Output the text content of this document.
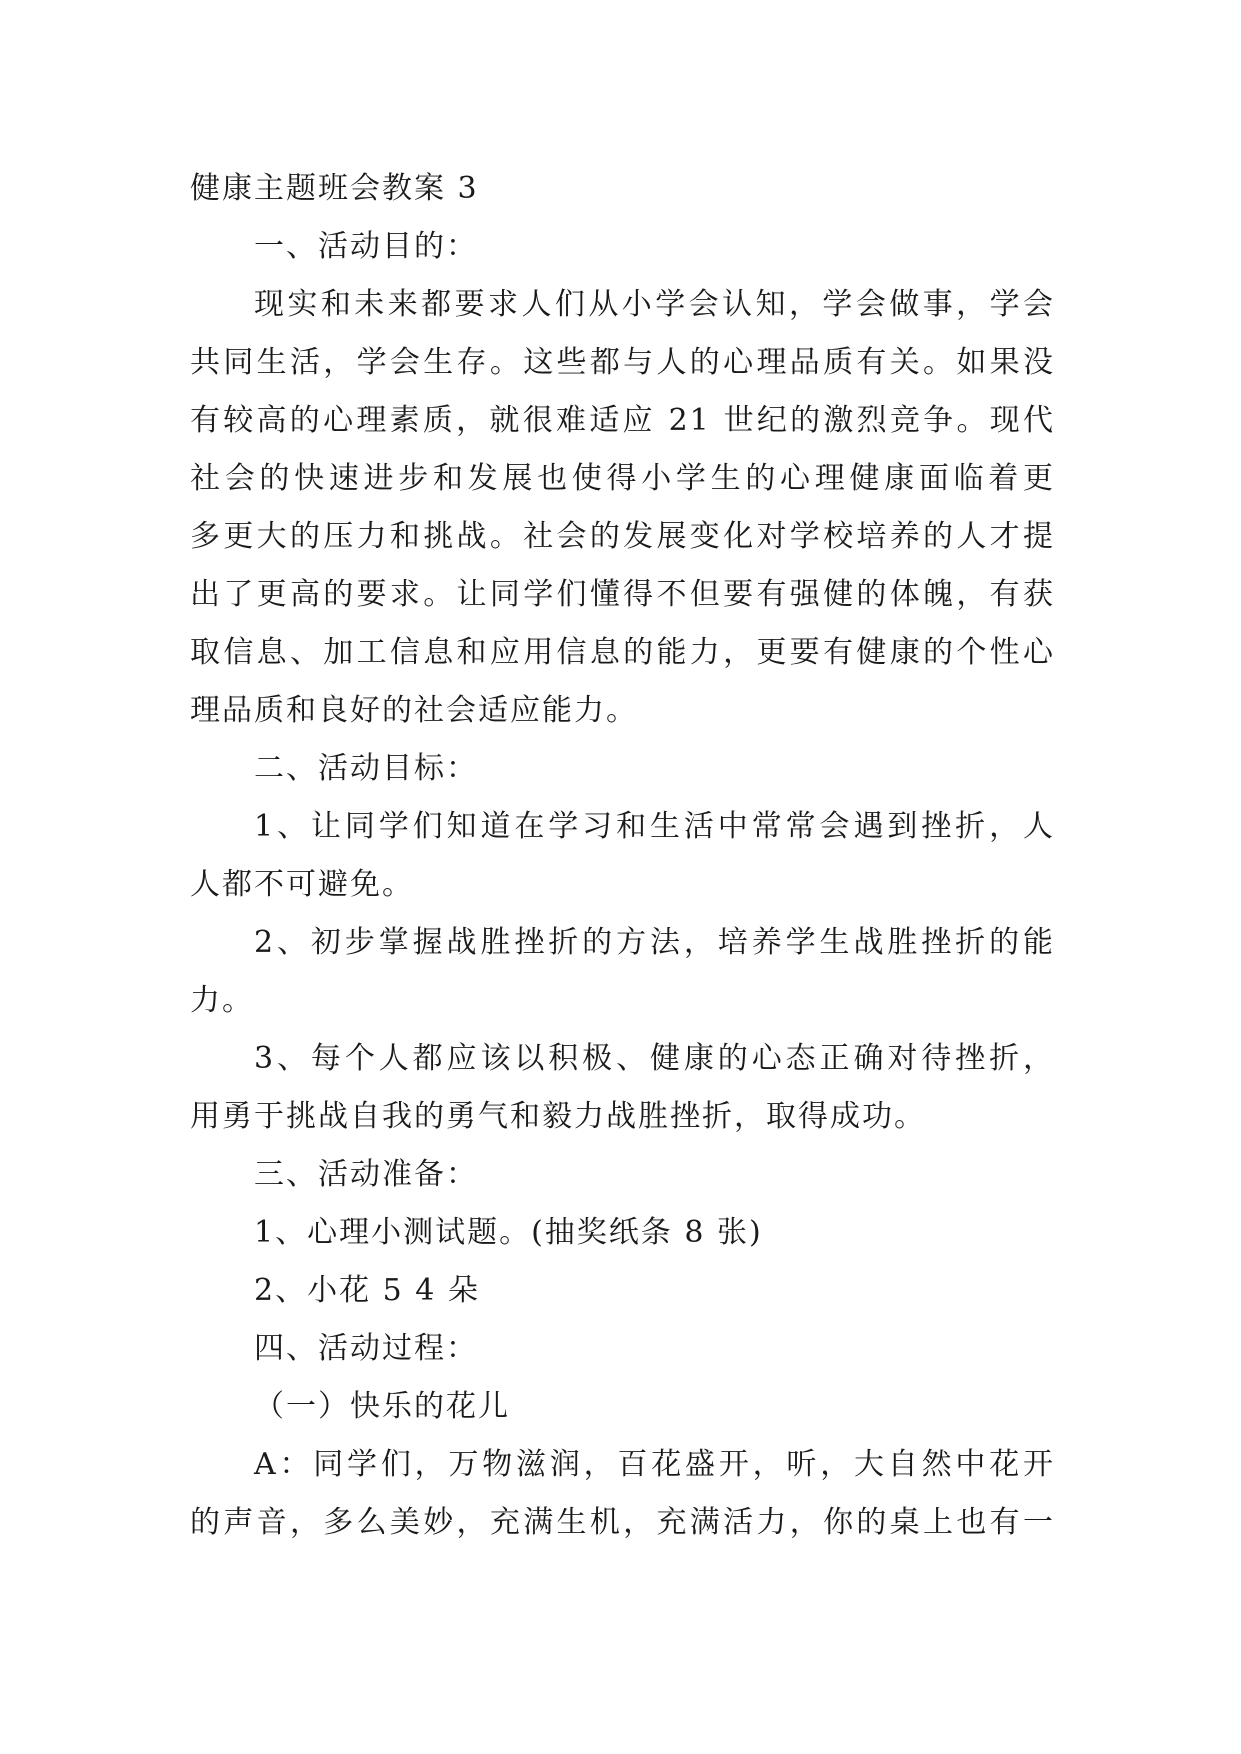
健康主题班会教案 3
一、活动目的：
现实和未来都要求人们从小学会认知，学会做事，学会
共同生活，学会生存。这些都与人的心理品质有关。如果没
有较高的心理素质，就很难适应 21 世纪的激烈竞争。现代
社会的快速进步和发展也使得小学生的心理健康面临着更
多更大的压力和挑战。社会的发展变化对学校培养的人才提
出了更高的要求。让同学们懂得不但要有强健的体魄，有获
取信息、加工信息和应用信息的能力，更要有健康的个性心
理品质和良好的社会适应能力。
二、活动目标：
1、让同学们知道在学习和生活中常常会遇到挫折，人
人都不可避免。
2、初步掌握战胜挫折的方法，培养学生战胜挫折的能
力。
3、每个人都应该以积极、健康的心态正确对待挫折，
用勇于挑战自我的勇气和毅力战胜挫折，取得成功。
三、活动准备：
1、心理小测试题。(抽奖纸条 8 张)
2、小花 5 4 朵
四、活动过程：
（一）快乐的花儿
A：同学们，万物滋润，百花盛开，听，大自然中花开
的声音，多么美妙，充满生机，充满活力，你的桌上也有一
